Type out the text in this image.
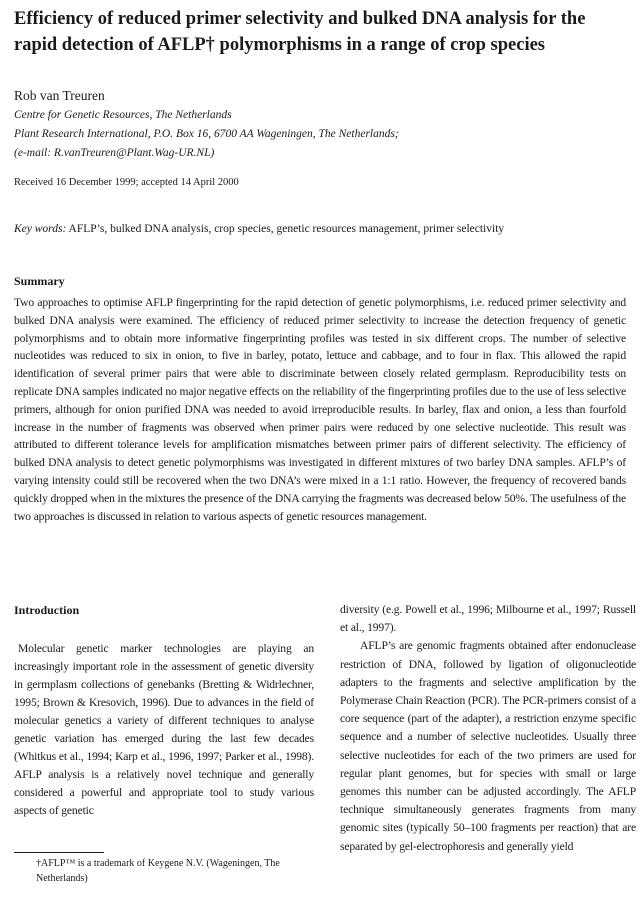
Efficiency of reduced primer selectivity and bulked DNA analysis for the rapid detection of AFLP† polymorphisms in a range of crop species

Rob van Treuren

Centre for Genetic Resources, The Netherlands
Plant Research International, P.O. Box 16, 6700 AA Wageningen, The Netherlands;
(e-mail: R.vanTreuren@Plant.Wag-UR.NL)
Received 16 December 1999; accepted 14 April 2000
Key words: AFLP’s, bulked DNA analysis, crop species, genetic resources management, primer selectivity
Summary

Two approaches to optimise AFLP fingerprinting for the rapid detection of genetic polymorphisms, i.e. reduced primer selectivity and bulked DNA analysis were examined. The efficiency of reduced primer selectivity to increase the detection frequency of genetic polymorphisms and to obtain more informative fingerprinting profiles was tested in six different crops. The number of selective nucleotides was reduced to six in onion, to five in barley, potato, lettuce and cabbage, and to four in flax. This allowed the rapid identification of several primer pairs that were able to discriminate between closely related germplasm. Reproducibility tests on replicate DNA samples indicated no major negative effects on the reliability of the fingerprinting profiles due to the use of less selective primers, although for onion purified DNA was needed to avoid irreproducible results. In barley, flax and onion, a less than fourfold increase in the number of fragments was observed when primer pairs were reduced by one selective nucleotide. This result was attributed to different tolerance levels for amplification mismatches between primer pairs of different selectivity. The efficiency of bulked DNA analysis to detect genetic polymorphisms was investigated in different mixtures of two barley DNA samples. AFLP’s of varying intensity could still be recovered when the two DNA’s were mixed in a 1:1 ratio. However, the frequency of recovered bands quickly dropped when in the mixtures the presence of the DNA carrying the fragments was decreased below 50%. The usefulness of the two approaches is discussed in relation to various aspects of genetic resources management.

Introduction

Molecular genetic marker technologies are playing an increasingly important role in the assessment of genetic diversity in germplasm collections of genebanks (Bretting & Widrlechner, 1995; Brown & Kresovich, 1996). Due to advances in the field of molecular genetics a variety of different techniques to analyse genetic variation has emerged during the last few decades (Whitkus et al., 1994; Karp et al., 1996, 1997; Parker et al., 1998). AFLP analysis is a relatively novel technique and generally considered a powerful and appropriate tool to study various aspects of genetic

diversity (e.g. Powell et al., 1996; Milbourne et al., 1997; Russell et al., 1997).

AFLP’s are genomic fragments obtained after endonuclease restriction of DNA, followed by ligation of oligonucleotide adapters to the fragments and selective amplification by the Polymerase Chain Reaction (PCR). The PCR-primers consist of a core sequence (part of the adapter), a restriction enzyme specific sequence and a number of selective nucleotides. Usually three selective nucleotides for each of the two primers are used for regular plant genomes, but for species with small or large genomes this number can be adjusted accordingly. The AFLP technique simultaneously generates fragments from many genomic sites (typically 50–100 fragments per reaction) that are separated by gel-electrophoresis and generally yield

†AFLP™ is a trademark of Keygene N.V. (Wageningen, The Netherlands)
